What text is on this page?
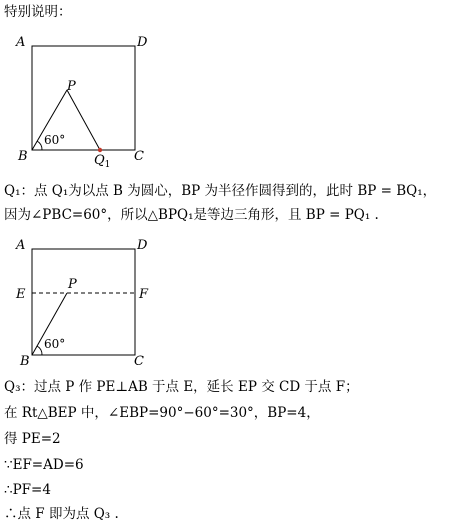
特别说明：
A	D
B	C
P
$Q_1$
60°
Q₁：点 Q₁为以点 B 为圆心，BP 为半径作圆得到的，此时 BP = BQ₁，
因为∠PBC=60°，所以△BPQ₁是等边三角形，且 BP = PQ₁ .
A	D
E	F
P
B	C
60°
Q₃：过点 P 作 PE⊥AB 于点 E，延长 EP 交 CD 于点 F；
在 Rt△BEP 中，∠EBP=90°−60°=30°，BP=4，
得 PE=2
∵EF=AD=6
∴PF=4
∴点 F 即为点 Q₃ .
